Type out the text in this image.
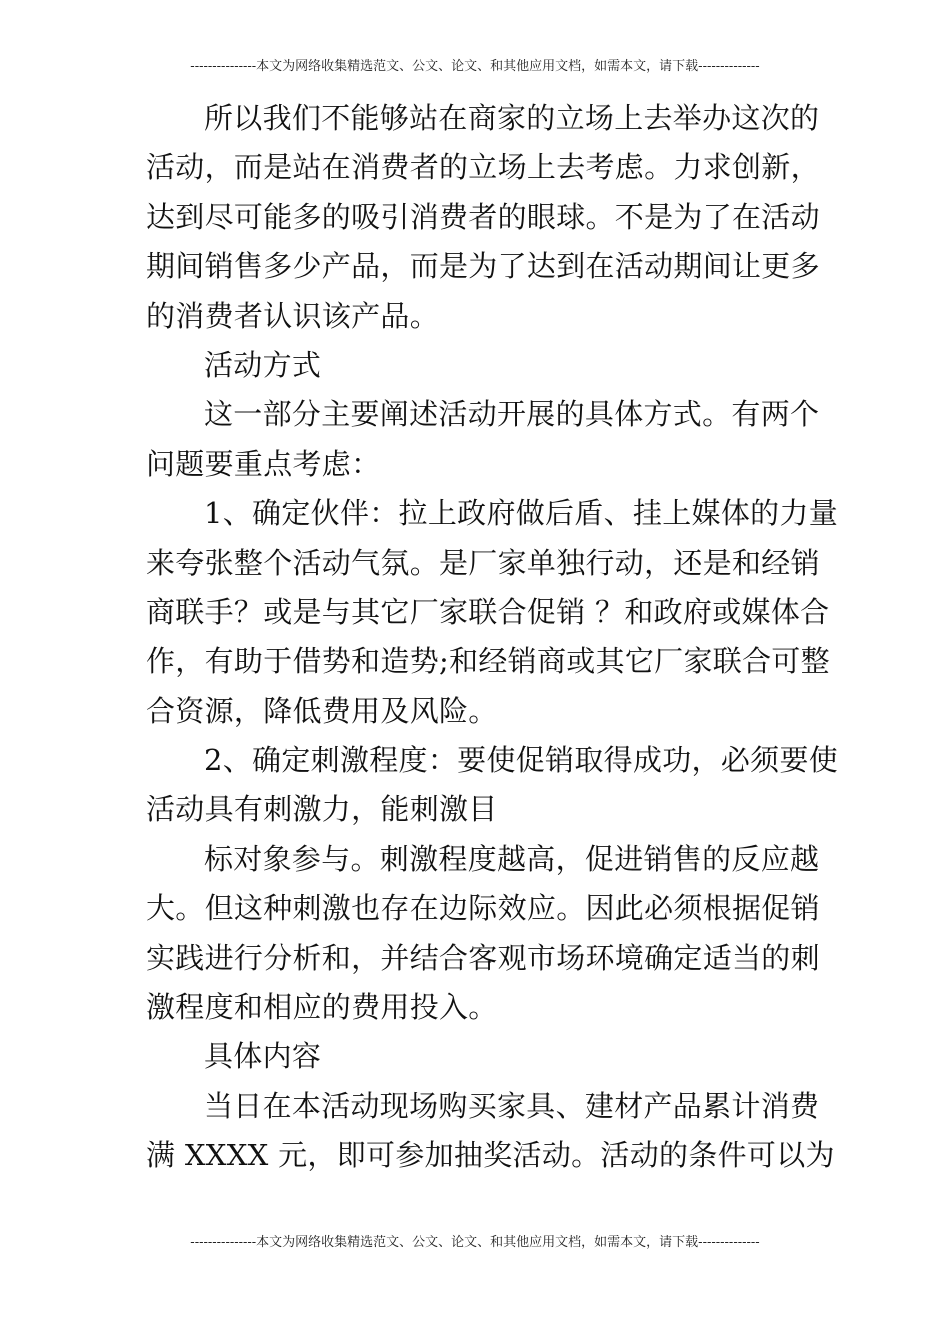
---------------本文为网络收集精选范文、公文、论文、和其他应用文档，如需本文，请下载--------------
所以我们不能够站在商家的立场上去举办这次的
活动，而是站在消费者的立场上去考虑。力求创新，
达到尽可能多的吸引消费者的眼球。不是为了在活动
期间销售多少产品，而是为了达到在活动期间让更多
的消费者认识该产品。
活动方式
这一部分主要阐述活动开展的具体方式。有两个
问题要重点考虑：
1、确定伙伴：拉上政府做后盾、挂上媒体的力量
来夸张整个活动气氛。是厂家单独行动，还是和经销
商联手？或是与其它厂家联合促销 ？和政府或媒体合
作，有助于借势和造势;和经销商或其它厂家联合可整
合资源，降低费用及风险。
2、确定刺激程度：要使促销取得成功，必须要使
活动具有刺激力，能刺激目
标对象参与。刺激程度越高，促进销售的反应越
大。但这种刺激也存在边际效应。因此必须根据促销
实践进行分析和，并结合客观市场环境确定适当的刺
激程度和相应的费用投入。
具体内容
当日在本活动现场购买家具、建材产品累计消费
满 XXXX 元，即可参加抽奖活动。活动的条件可以为
---------------本文为网络收集精选范文、公文、论文、和其他应用文档，如需本文，请下载--------------
